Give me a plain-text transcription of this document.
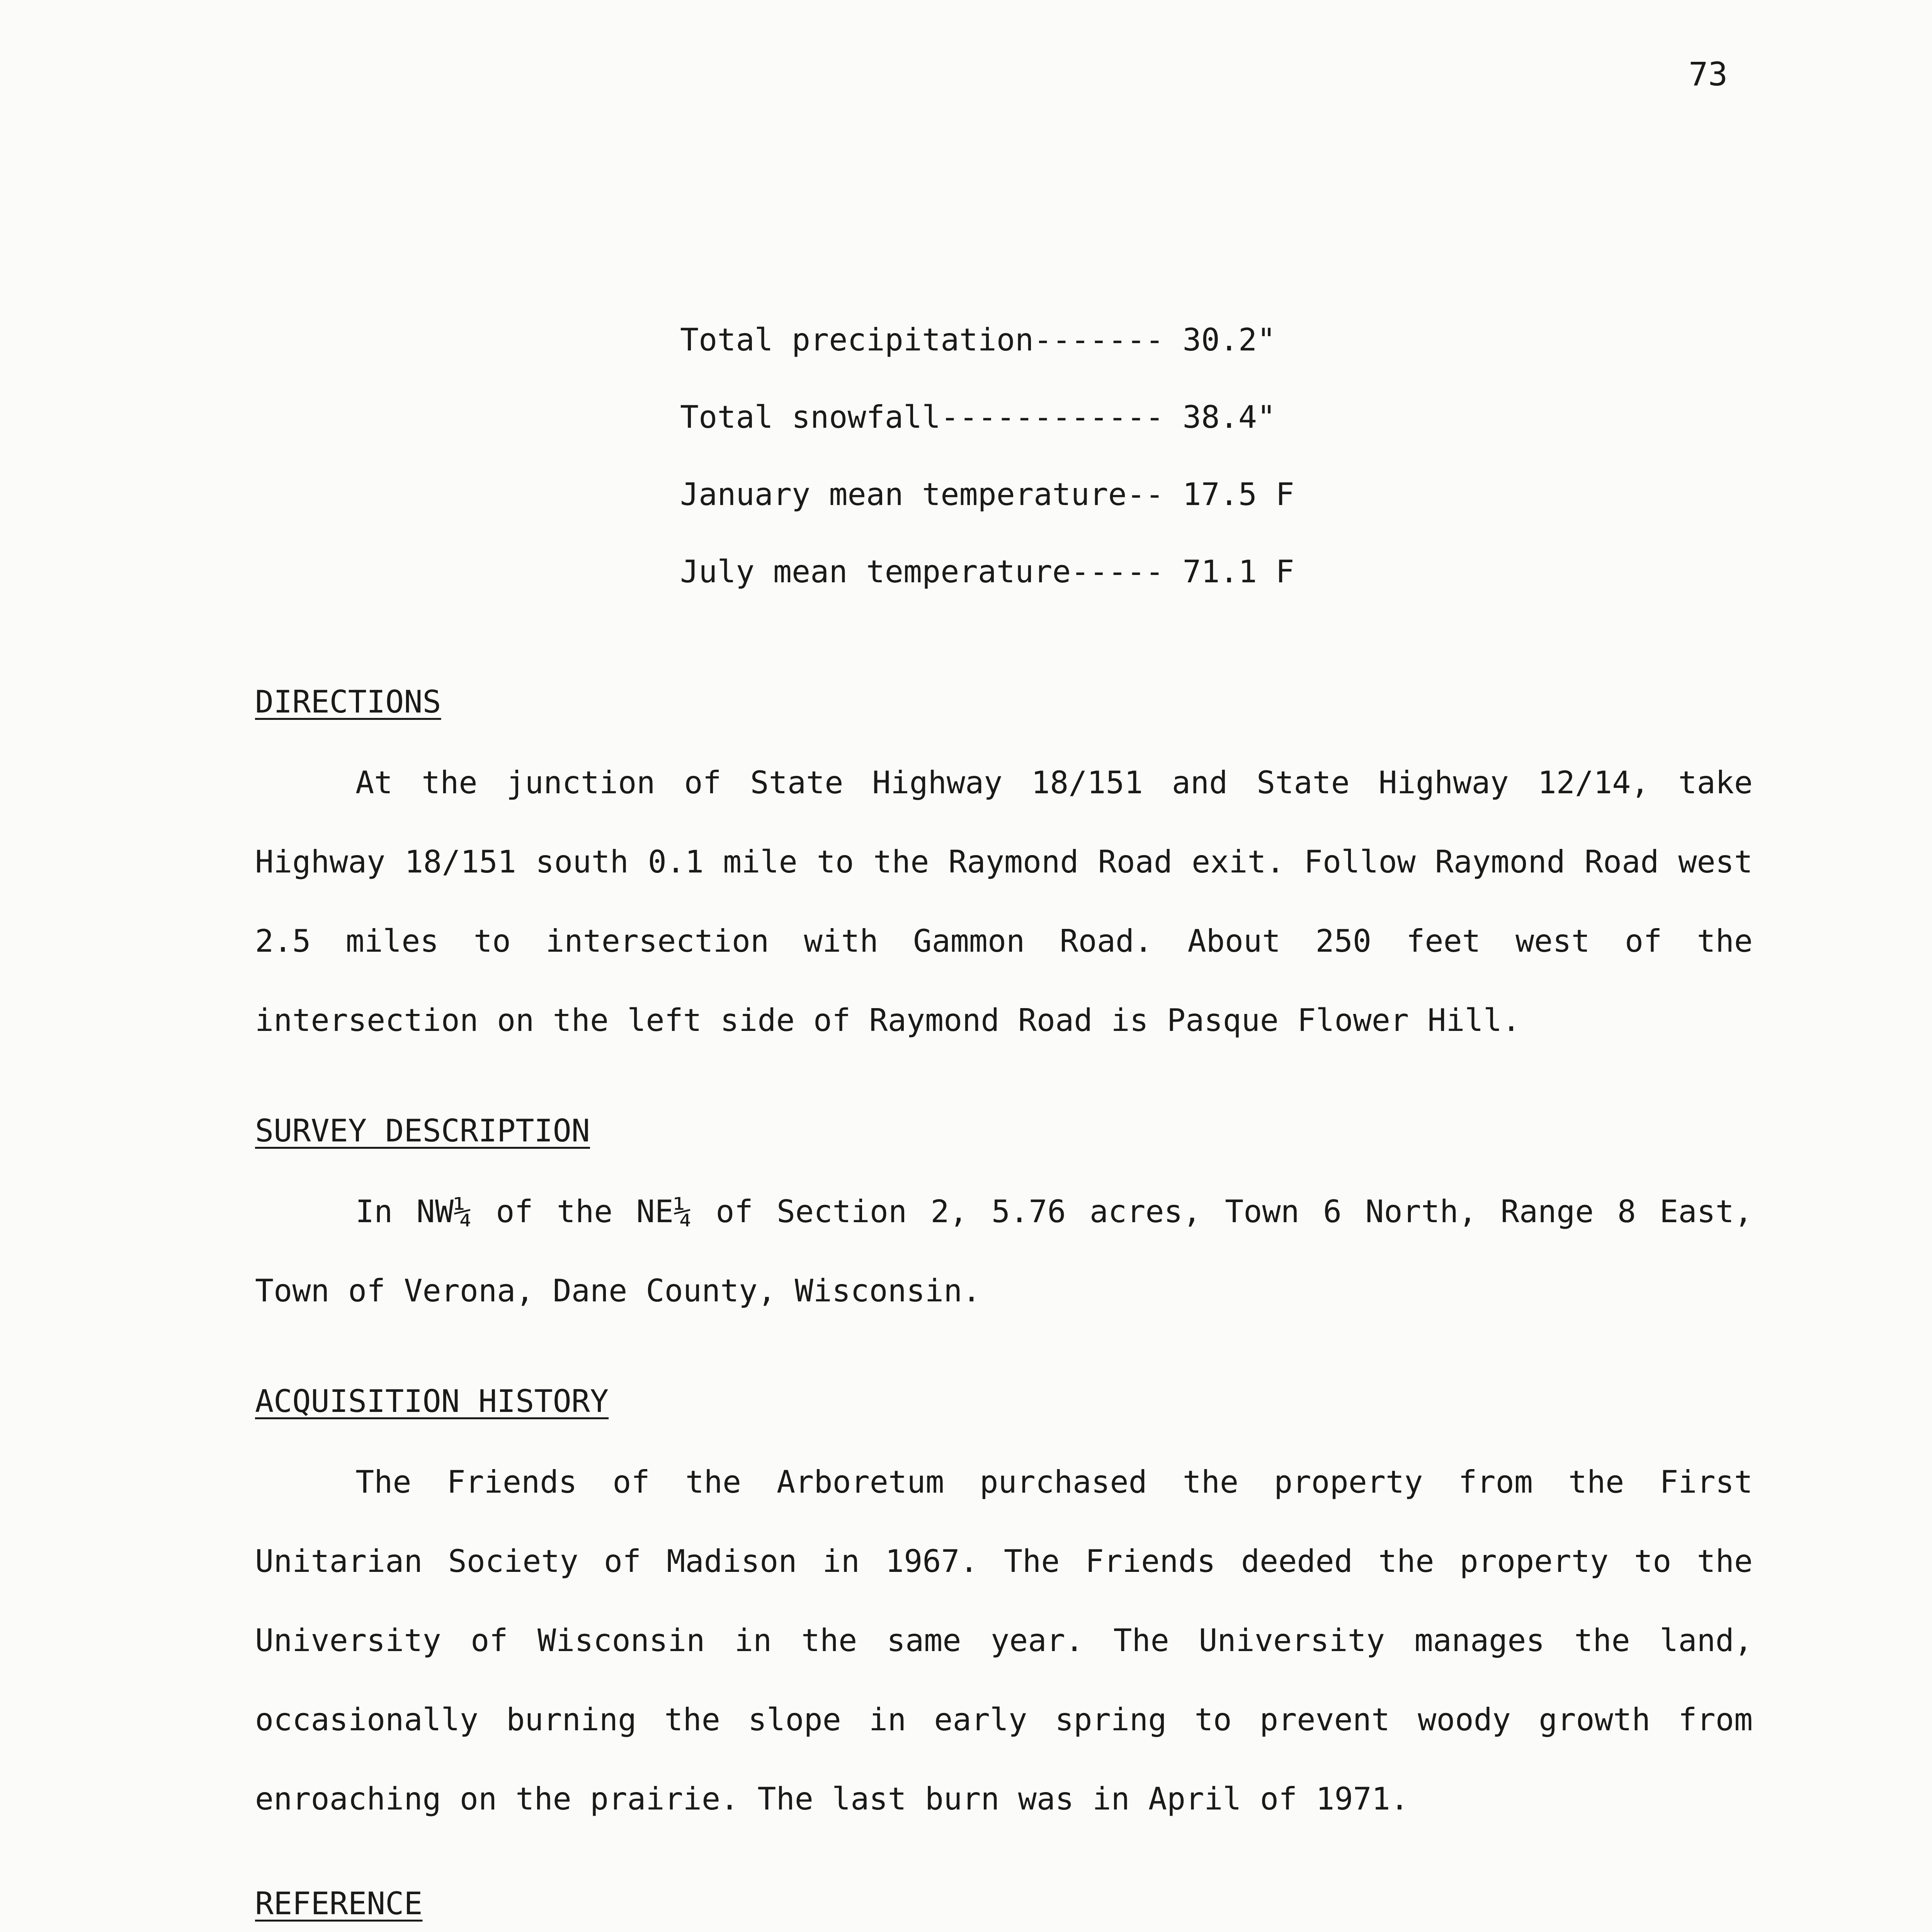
73
Total precipitation------- 30.2"
Total snowfall------------ 38.4"
January mean temperature-- 17.5 F
July mean temperature----- 71.1 F
DIRECTIONS

At the junction of State Highway 18/151 and State Highway 12/14, take Highway 18/151 south 0.1 mile to the Raymond Road exit. Follow Raymond Road west 2.5 miles to intersection with Gammon Road. About 250 feet west of the intersection on the left side of Raymond Road is Pasque Flower Hill.

SURVEY DESCRIPTION

In NW¼ of the NE¼ of Section 2, 5.76 acres, Town 6 North, Range 8 East, Town of Verona, Dane County, Wisconsin.

ACQUISITION HISTORY

The Friends of the Arboretum purchased the property from the First Unitarian Society of Madison in 1967. The Friends deeded the property to the University of Wisconsin in the same year. The University manages the land, occasionally burning the slope in early spring to prevent woody growth from enroaching on the prairie. The last burn was in April of 1971.

REFERENCE
